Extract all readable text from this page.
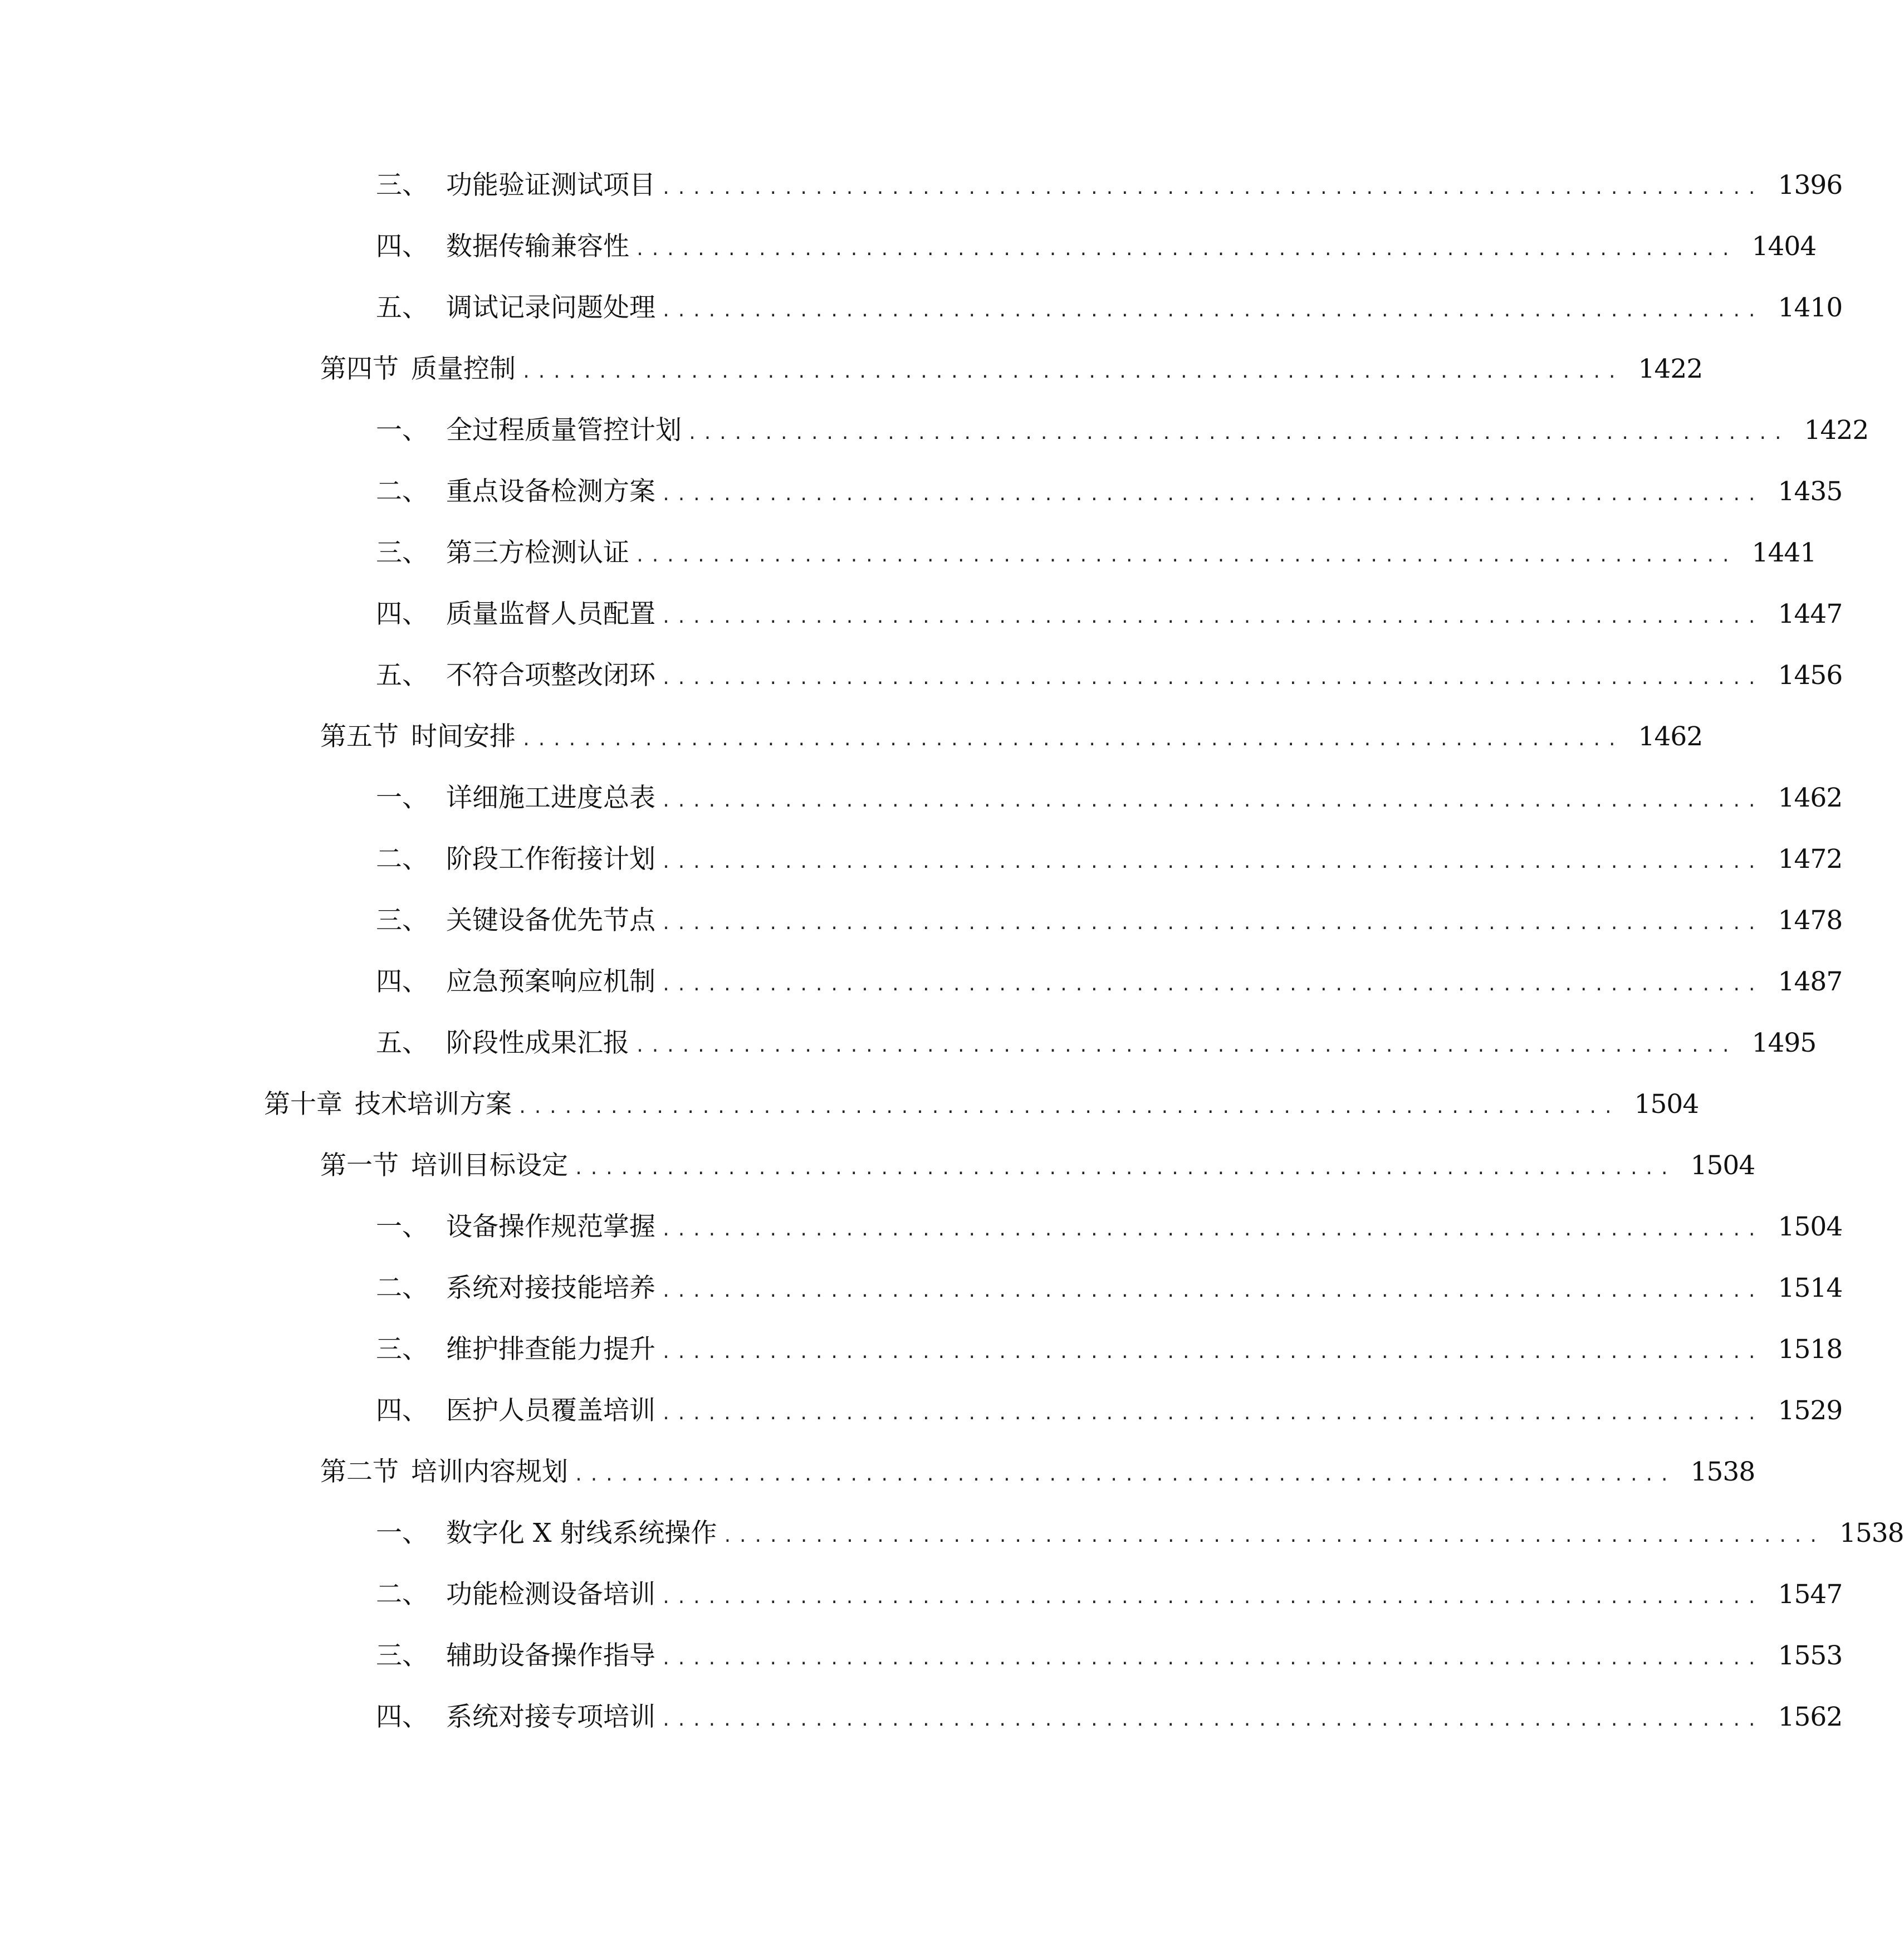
三、 功能验证测试项目 ........................................................................ 1396
四、 数据传输兼容性 ........................................................................ 1404
五、 调试记录问题处理 ........................................................................ 1410
第四节 质量控制 ........................................................................ 1422
一、 全过程质量管控计划 ........................................................................ 1422
二、 重点设备检测方案 ........................................................................ 1435
三、 第三方检测认证 ........................................................................ 1441
四、 质量监督人员配置 ........................................................................ 1447
五、 不符合项整改闭环 ........................................................................ 1456
第五节 时间安排 ........................................................................ 1462
一、 详细施工进度总表 ........................................................................ 1462
二、 阶段工作衔接计划 ........................................................................ 1472
三、 关键设备优先节点 ........................................................................ 1478
四、 应急预案响应机制 ........................................................................ 1487
五、 阶段性成果汇报 ........................................................................ 1495
第十章 技术培训方案 ........................................................................ 1504
第一节 培训目标设定 ........................................................................ 1504
一、 设备操作规范掌握 ........................................................................ 1504
二、 系统对接技能培养 ........................................................................ 1514
三、 维护排查能力提升 ........................................................................ 1518
四、 医护人员覆盖培训 ........................................................................ 1529
第二节 培训内容规划 ........................................................................ 1538
一、 数字化 X 射线系统操作 ........................................................................ 1538
二、 功能检测设备培训 ........................................................................ 1547
三、 辅助设备操作指导 ........................................................................ 1553
四、 系统对接专项培训 ........................................................................ 1562
